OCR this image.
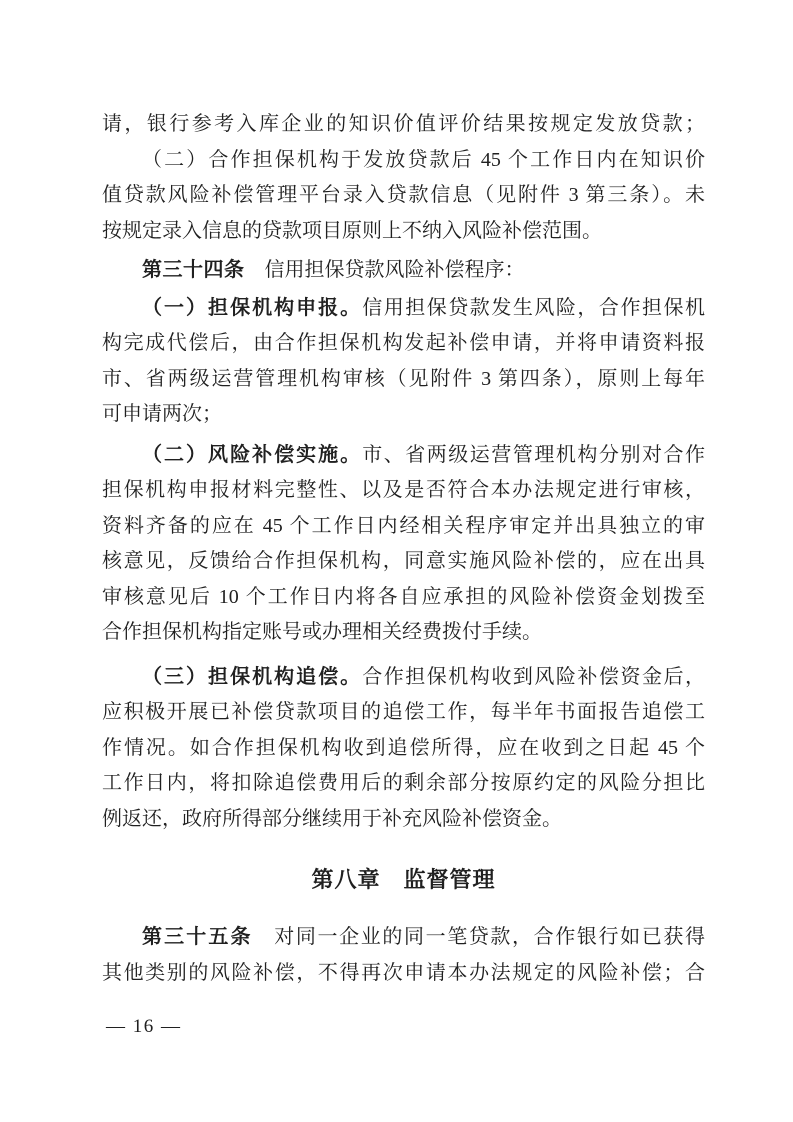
请，银行参考入库企业的知识价值评价结果按规定发放贷款；
（二）合作担保机构于发放贷款后 45 个工作日内在知识价
值贷款风险补偿管理平台录入贷款信息（见附件 3 第三条）。未
按规定录入信息的贷款项目原则上不纳入风险补偿范围。
第三十四条　信用担保贷款风险补偿程序：
（一）担保机构申报。信用担保贷款发生风险，合作担保机
构完成代偿后，由合作担保机构发起补偿申请，并将申请资料报
市、省两级运营管理机构审核（见附件 3 第四条），原则上每年
可申请两次；
（二）风险补偿实施。市、省两级运营管理机构分别对合作
担保机构申报材料完整性、以及是否符合本办法规定进行审核，
资料齐备的应在 45 个工作日内经相关程序审定并出具独立的审
核意见，反馈给合作担保机构，同意实施风险补偿的，应在出具
审核意见后 10 个工作日内将各自应承担的风险补偿资金划拨至
合作担保机构指定账号或办理相关经费拨付手续。
（三）担保机构追偿。合作担保机构收到风险补偿资金后，
应积极开展已补偿贷款项目的追偿工作，每半年书面报告追偿工
作情况。如合作担保机构收到追偿所得，应在收到之日起 45 个
工作日内，将扣除追偿费用后的剩余部分按原约定的风险分担比
例返还，政府所得部分继续用于补充风险补偿资金。
第八章　监督管理
第三十五条　对同一企业的同一笔贷款，合作银行如已获得
其他类别的风险补偿，不得再次申请本办法规定的风险补偿；合
— 16 —
